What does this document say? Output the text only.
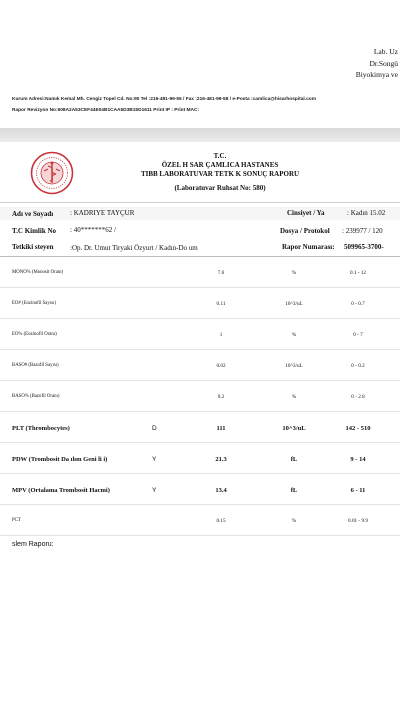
Lab. Uz
Dr.Songü
Biyokimya ve
Kurum Adresi:Namık Kemal Mh. Cengiz Topel Cd. No:90 Tel :216-481-99-55 / Fax :216-481-99-58 / e-Posta :camlica@hisarhospital.com
Rapor Revizyon No:608A2A53CEF44E04B1CAA5D3B15D1611 Print IP : Print MAC:
T.C.
ÖZEL H SAR ÇAMLICA HASTANES
TIBB LABORATUVAR TETK K SONUÇ RAPORU
(Laboratuvar Ruhsat No: 580)
Adı ve Soyadı : KADRIYE TAYÇUR	Cinsiyet / Ya	: Kadın 15.02
T.C Kimlik No : 40*******62 /	Dosya / Protokol : 239977 / 120
Tetkiki steyen :Op. Dr. Umut Tiryaki Özyurt / Kadın-Do um	Rapor Numarası: 509965-3700-
MONO% (Monosit Oranı)	7.6	%	0.1 - 12
EO# (Eozinofil Sayısı)	0.11	10^3/uL	0 - 0.7
EO% (Eozinofil Oranı)	1	%	0 - 7
BASO# (Bazofil Sayısı)	0.02	10^3/uL	0 - 0.2
BASO% (Bazofil Oranı)	0.2	%	0 - 2.8
PLT (Thrombocytes)	D	111	10^3/uL	142 - 510
PDW (Trombosit Da ılım Geni li i)	Y	21.3	fL	9 - 14
MPV (Ortalama Trombosit Hacmi)	Y	13.4	fL	6 - 11
PCT	0.15	%	0.01 - 9.9
slem Raporu:
